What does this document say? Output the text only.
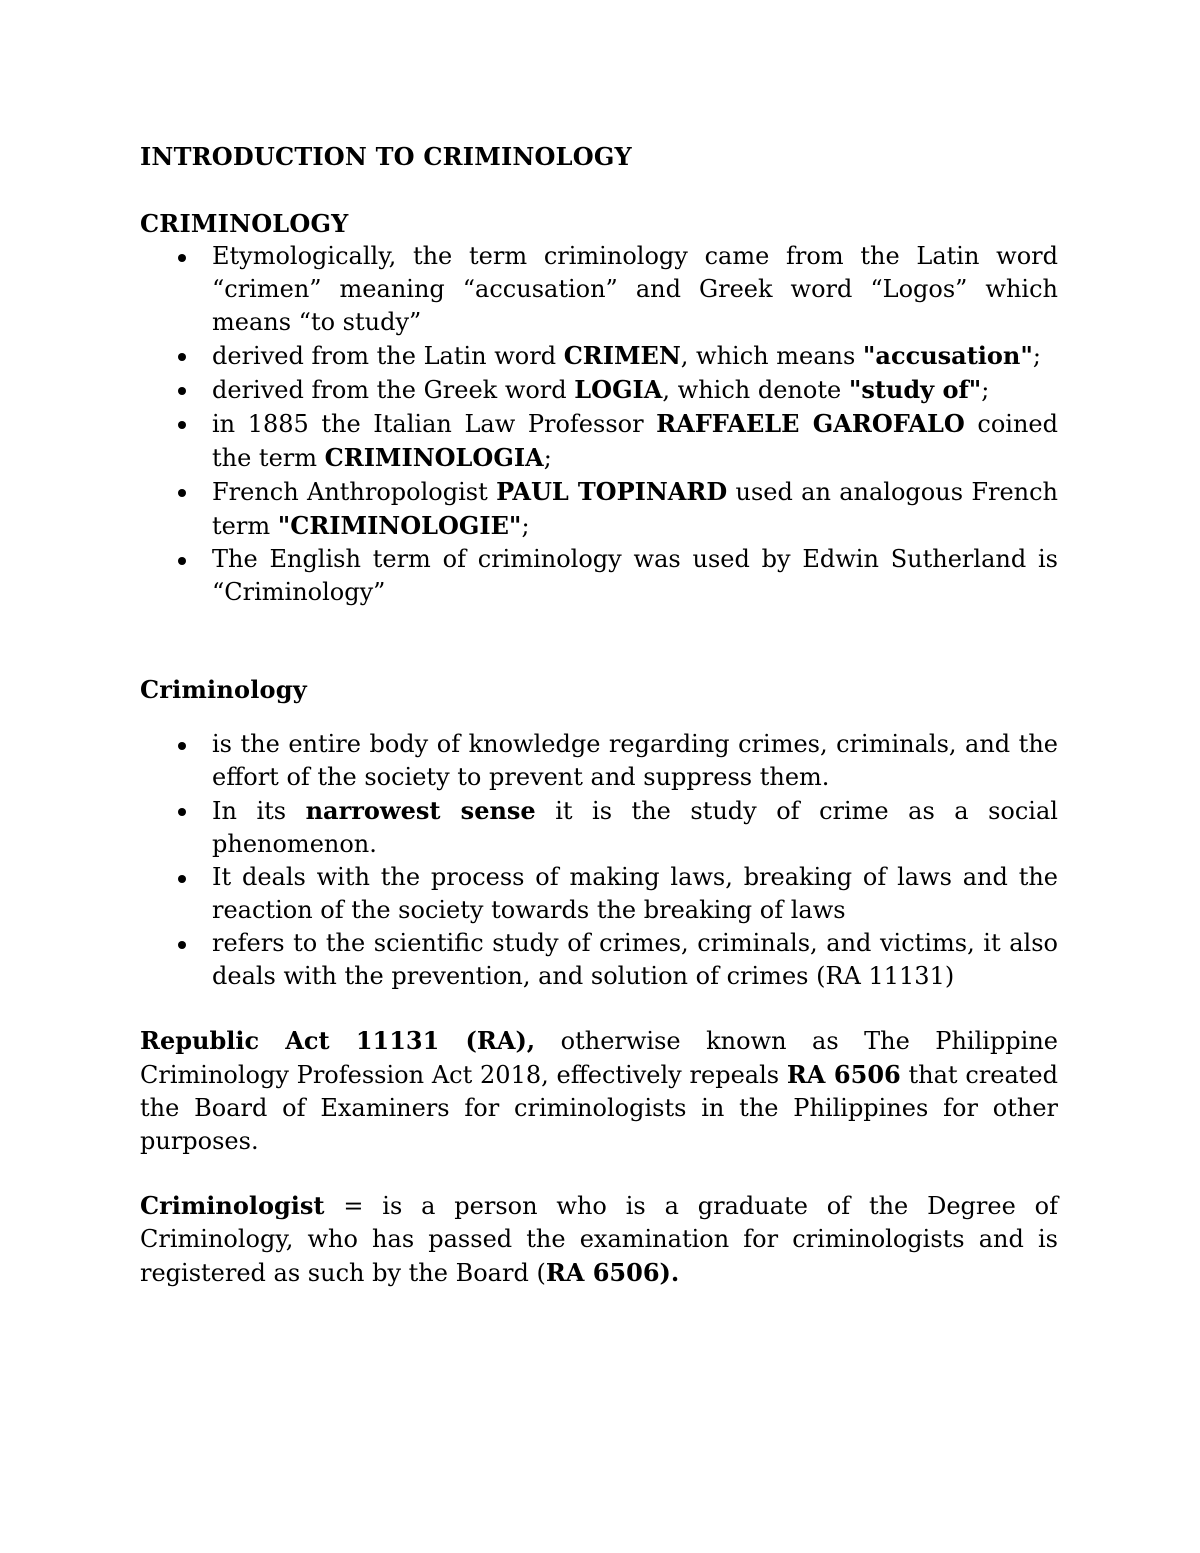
INTRODUCTION TO CRIMINOLOGY
CRIMINOLOGY
Etymologically, the term criminology came from the Latin word “crimen” meaning “accusation” and Greek word “Logos” which means “to study”
derived from the Latin word CRIMEN, which means "accusation";
derived from the Greek word LOGIA, which denote "study of";
in 1885 the Italian Law Professor RAFFAELE GAROFALO coined the term CRIMINOLOGIA;
French Anthropologist PAUL TOPINARD used an analogous French term "CRIMINOLOGIE";
The English term of criminology was used by Edwin Sutherland is “Criminology”
Criminology
is the entire body of knowledge regarding crimes, criminals, and the effort of the society to prevent and suppress them.
In its narrowest sense it is the study of crime as a social phenomenon.
It deals with the process of making laws, breaking of laws and the reaction of the society towards the breaking of laws
refers to the scientific study of crimes, criminals, and victims, it also deals with the prevention, and solution of crimes (RA 11131)

Republic Act 11131 (RA), otherwise known as The Philippine Criminology Profession Act 2018, effectively repeals RA 6506 that created the Board of Examiners for criminologists in the Philippines for other purposes.

Criminologist = is a person who is a graduate of the Degree of Criminology, who has passed the examination for criminologists and is registered as such by the Board (RA 6506).
